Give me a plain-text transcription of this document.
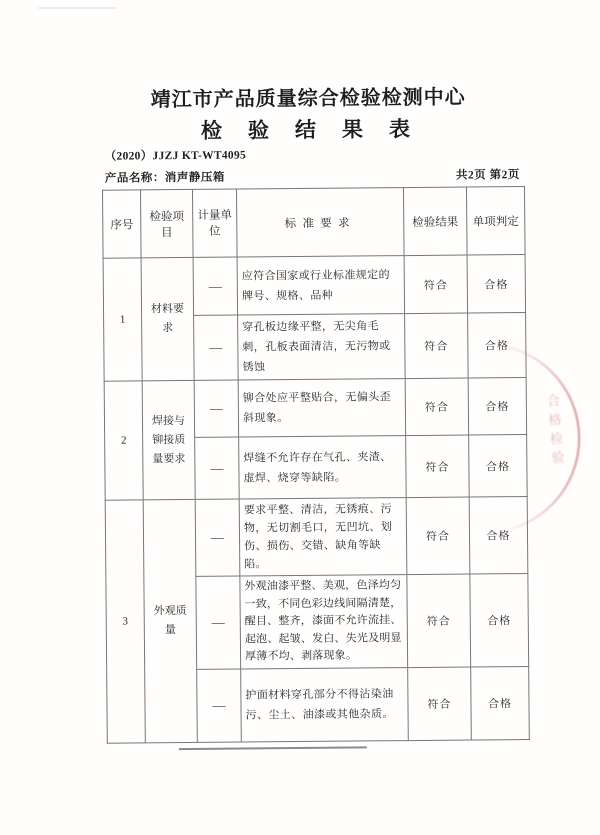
靖江市产品质量综合检验检测中心
检验结果表
（2020）JJZJ KT-WT4095
产品名称：消声静压箱	共2页 第2页
序号	检验项目	计量单位	标准要求	检验结果	单项判定
1	材料要求	—	应符合国家或行业标准规定的牌号、规格、品种	符合	合格
		—	穿孔板边缘平整，无尖角毛刺，孔板表面清洁，无污物或锈蚀	符合	合格
2	焊接与铆接质量要求	—	铆合处应平整贴合，无偏头歪斜现象。	符合	合格
		—	焊缝不允许存在气孔、夹渣、虚焊、烧穿等缺陷。	符合	合格
3	外观质量	—	要求平整、清洁，无锈痕、污物，无切割毛口，无凹坑、划伤、损伤、交错、缺角等缺陷。	符合	合格
		—	外观油漆平整、美观，色泽均匀一致，不同色彩边线间隔清楚，醒目、整齐，漆面不允许流挂、起泡、起皱、发白、失光及明显厚薄不均、剥落现象。	符合	合格
		—	护面材料穿孔部分不得沾染油污、尘土、油漆或其他杂质。	符合	合格
合格检验
